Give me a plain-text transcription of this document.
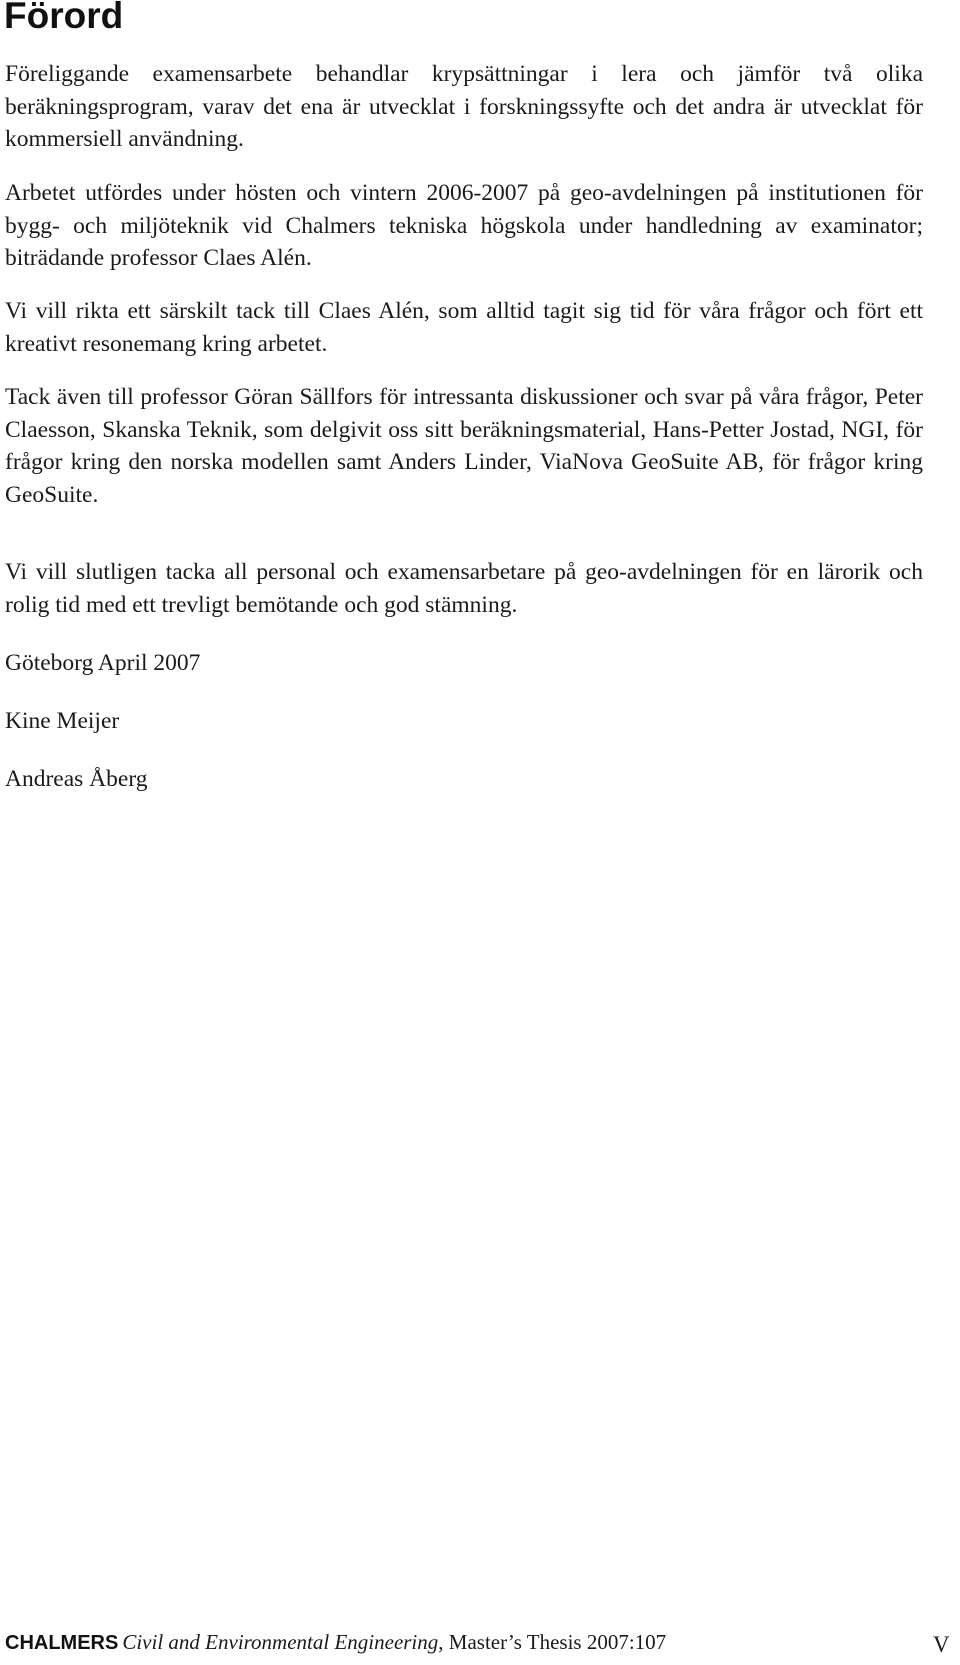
Förord

Föreliggande examensarbete behandlar krypsättningar i lera och jämför två olika beräkningsprogram, varav det ena är utvecklat i forskningssyfte och det andra är utvecklat för kommersiell användning.

Arbetet utfördes under hösten och vintern 2006-2007 på geo-avdelningen på institutionen för bygg- och miljöteknik vid Chalmers tekniska högskola under handledning av examinator; biträdande professor Claes Alén.

Vi vill rikta ett särskilt tack till Claes Alén, som alltid tagit sig tid för våra frågor och fört ett kreativt resonemang kring arbetet.

Tack även till professor Göran Sällfors för intressanta diskussioner och svar på våra frågor, Peter Claesson, Skanska Teknik, som delgivit oss sitt beräkningsmaterial, Hans-Petter Jostad, NGI, för frågor kring den norska modellen samt Anders Linder, ViaNova GeoSuite AB, för frågor kring GeoSuite.

Vi vill slutligen tacka all personal och examensarbetare på geo-avdelningen för en lärorik och rolig tid med ett trevligt bemötande och god stämning.

Göteborg April 2007

Kine Meijer

Andreas Åberg

CHALMERS Civil and Environmental Engineering, Master’s Thesis 2007:107	V
